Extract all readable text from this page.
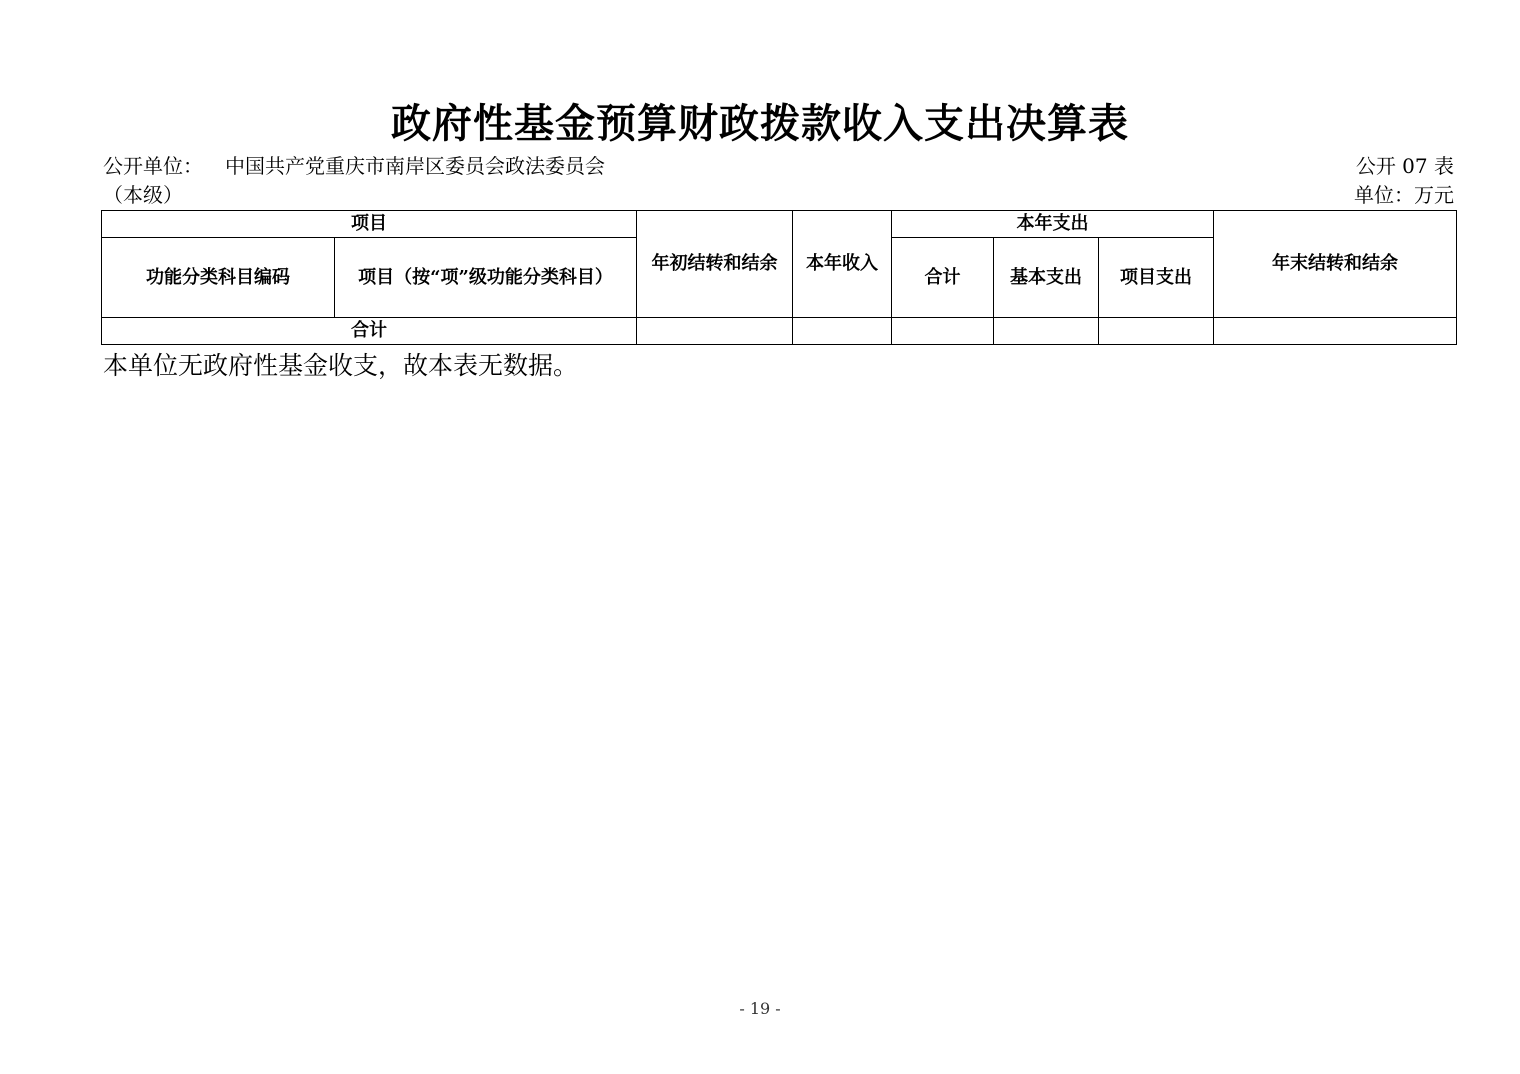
政府性基金预算财政拨款收入支出决算表
公开单位： 中国共产党重庆市南岸区委员会政法委员会
（本级）
公开 07 表
单位：万元
项目		年初结转和结余	本年收入	本年支出			年末结转和结余
功能分类科目编码	项目（按“项”级功能分类科目）			合计	基本支出	项目支出	
合计							
本单位无政府性基金收支，故本表无数据。
- 19 -
